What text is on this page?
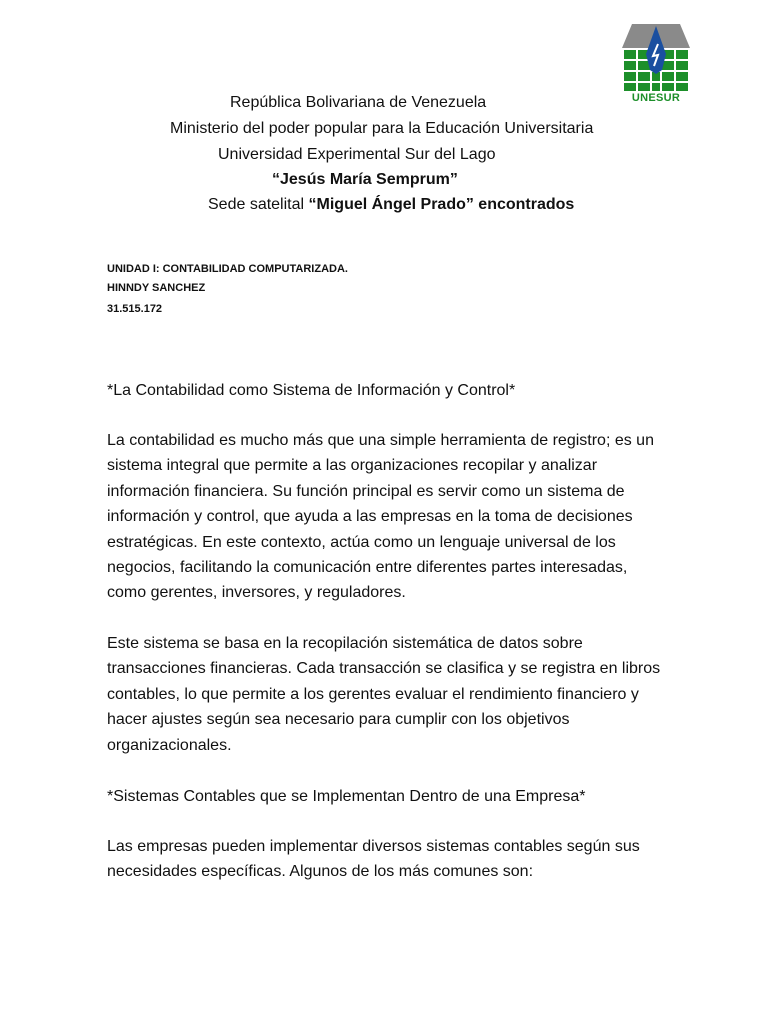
UNESUR
República Bolivariana de Venezuela
Ministerio del poder popular para la Educación Universitaria
Universidad Experimental Sur del Lago
“Jesús María Semprum”
Sede satelital “Miguel Ángel Prado” encontrados
UNIDAD I: CONTABILIDAD COMPUTARIZADA.
HINNDY SANCHEZ
31.515.172

*La Contabilidad como Sistema de Información y Control*

La contabilidad es mucho más que una simple herramienta de registro; es un sistema integral que permite a las organizaciones recopilar y analizar información financiera. Su función principal es servir como un sistema de información y control, que ayuda a las empresas en la toma de decisiones estratégicas. En este contexto, actúa como un lenguaje universal de los negocios, facilitando la comunicación entre diferentes partes interesadas, como gerentes, inversores, y reguladores.

Este sistema se basa en la recopilación sistemática de datos sobre transacciones financieras. Cada transacción se clasifica y se registra en libros contables, lo que permite a los gerentes evaluar el rendimiento financiero y hacer ajustes según sea necesario para cumplir con los objetivos organizacionales.

*Sistemas Contables que se Implementan Dentro de una Empresa*

Las empresas pueden implementar diversos sistemas contables según sus necesidades específicas. Algunos de los más comunes son:
